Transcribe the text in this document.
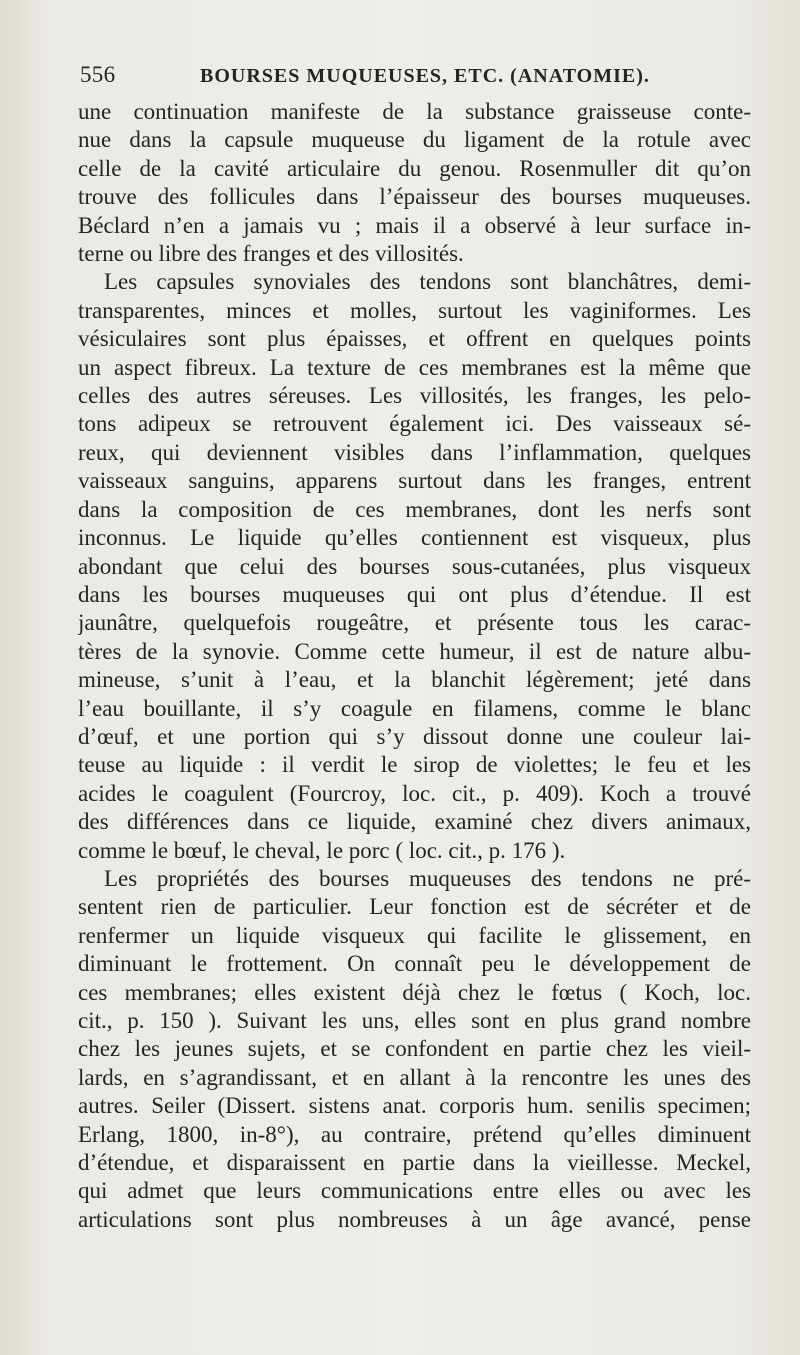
556	BOURSES MUQUEUSES, ETC. (ANATOMIE).
une continuation manifeste de la substance graisseuse conte-
nue dans la capsule muqueuse du ligament de la rotule avec
celle de la cavité articulaire du genou. Rosenmuller dit qu’on
trouve des follicules dans l’épaisseur des bourses muqueuses.
Béclard n’en a jamais vu ; mais il a observé à leur surface in-
terne ou libre des franges et des villosités.
Les capsules synoviales des tendons sont blanchâtres, demi-
transparentes, minces et molles, surtout les vaginiformes. Les
vésiculaires sont plus épaisses, et offrent en quelques points
un aspect fibreux. La texture de ces membranes est la même que
celles des autres séreuses. Les villosités, les franges, les pelo-
tons adipeux se retrouvent également ici. Des vaisseaux sé-
reux, qui deviennent visibles dans l’inflammation, quelques
vaisseaux sanguins, apparens surtout dans les franges, entrent
dans la composition de ces membranes, dont les nerfs sont
inconnus. Le liquide qu’elles contiennent est visqueux, plus
abondant que celui des bourses sous-cutanées, plus visqueux
dans les bourses muqueuses qui ont plus d’étendue. Il est
jaunâtre, quelquefois rougeâtre, et présente tous les carac-
tères de la synovie. Comme cette humeur, il est de nature albu-
mineuse, s’unit à l’eau, et la blanchit légèrement; jeté dans
l’eau bouillante, il s’y coagule en filamens, comme le blanc
d’œuf, et une portion qui s’y dissout donne une couleur lai-
teuse au liquide : il verdit le sirop de violettes; le feu et les
acides le coagulent (Fourcroy, loc. cit., p. 409). Koch a trouvé
des différences dans ce liquide, examiné chez divers animaux,
comme le bœuf, le cheval, le porc ( loc. cit., p. 176 ).
Les propriétés des bourses muqueuses des tendons ne pré-
sentent rien de particulier. Leur fonction est de sécréter et de
renfermer un liquide visqueux qui facilite le glissement, en
diminuant le frottement. On connaît peu le développement de
ces membranes; elles existent déjà chez le fœtus ( Koch, loc.
cit., p. 150 ). Suivant les uns, elles sont en plus grand nombre
chez les jeunes sujets, et se confondent en partie chez les vieil-
lards, en s’agrandissant, et en allant à la rencontre les unes des
autres. Seiler (Dissert. sistens anat. corporis hum. senilis specimen;
Erlang, 1800, in-8°), au contraire, prétend qu’elles diminuent
d’étendue, et disparaissent en partie dans la vieillesse. Meckel,
qui admet que leurs communications entre elles ou avec les
articulations sont plus nombreuses à un âge avancé, pense
